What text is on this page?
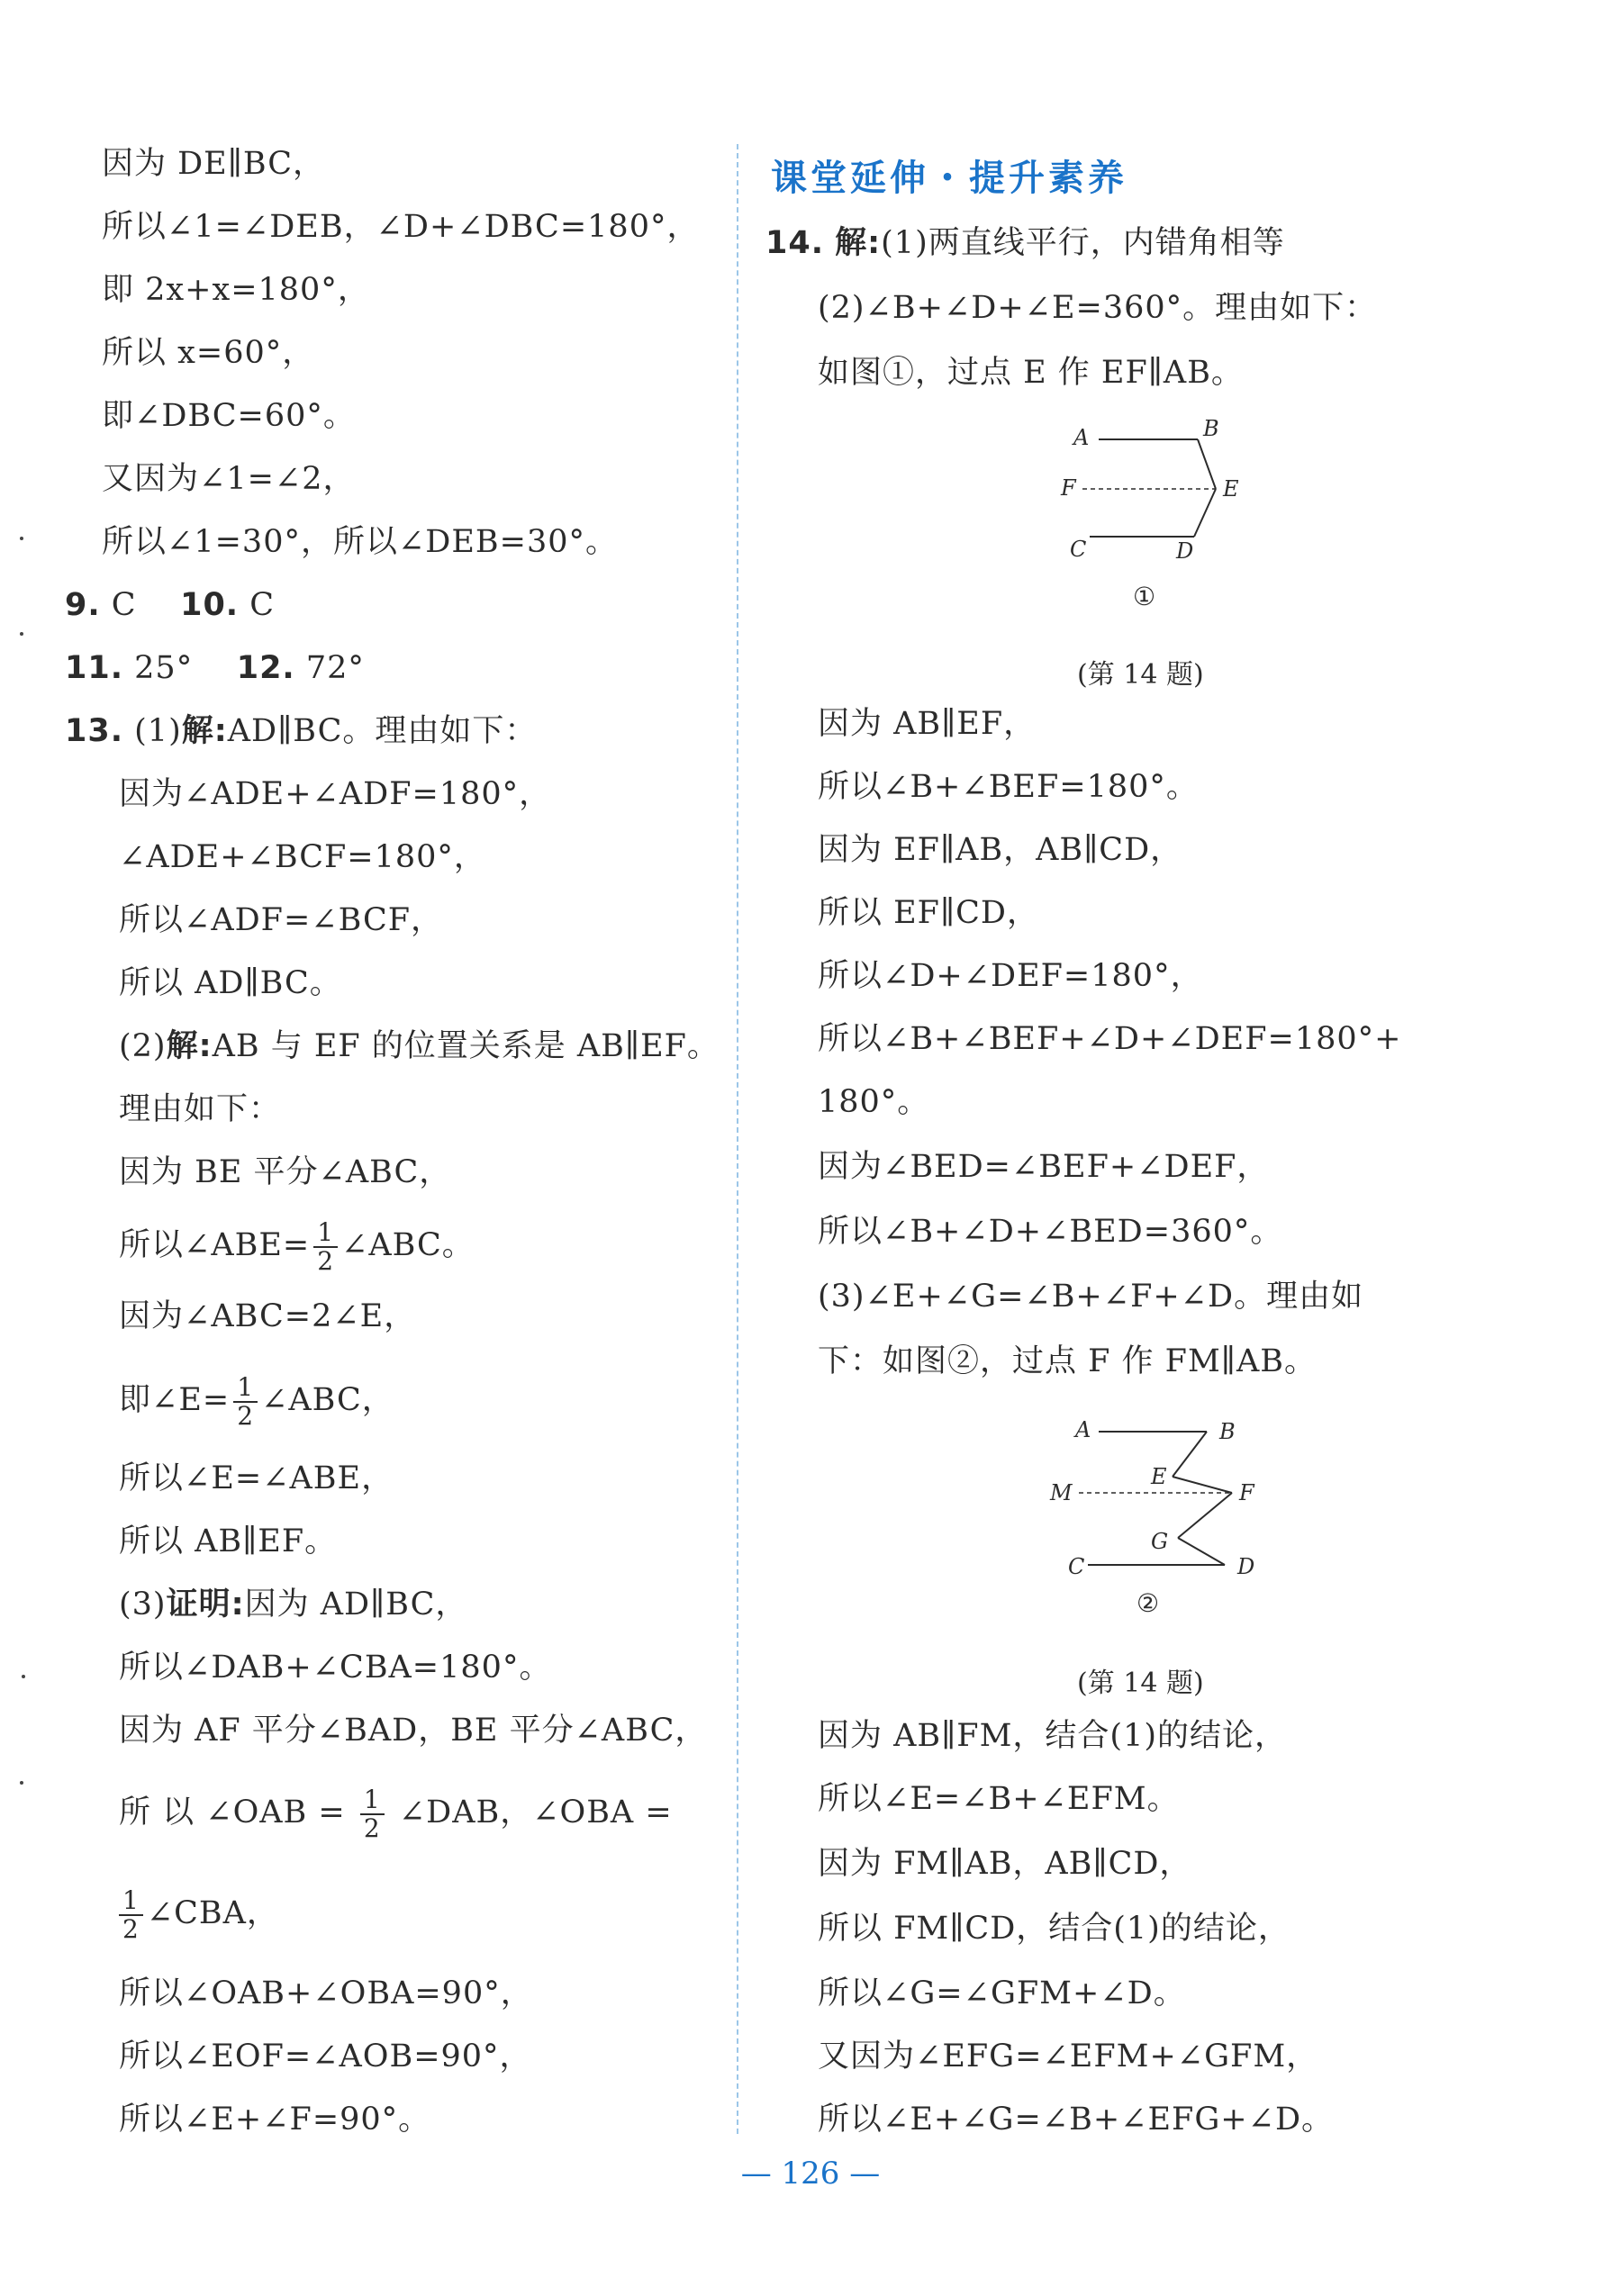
因为 DE∥BC，
所以∠1=∠DEB，∠D+∠DBC=180°，
即 2x+x=180°，
所以 x=60°，
即∠DBC=60°。
又因为∠1=∠2，
所以∠1=30°，所以∠DEB=30°。
9. C 10. C
11. 25° 12. 72°
13. (1)解:AD∥BC。理由如下：
因为∠ADE+∠ADF=180°，
∠ADE+∠BCF=180°，
所以∠ADF=∠BCF，
所以 AD∥BC。
(2)解:AB 与 EF 的位置关系是 AB∥EF。
理由如下：
因为 BE 平分∠ABC，
所以∠ABE= $\frac{1}{2}$ ∠ABC。
因为∠ABC=2∠E，
即∠E= $\frac{1}{2}$ ∠ABC，
所以∠E=∠ABE，
所以 AB∥EF。
(3)证明:因为 AD∥BC，
所以∠DAB+∠CBA=180°。
因为 AF 平分∠BAD，BE 平分∠ABC，
所 以 ∠OAB = $\frac{1}{2}$ ∠DAB，∠OBA =
$\frac{1}{2}$ ∠CBA，
所以∠OAB+∠OBA=90°，
所以∠EOF=∠AOB=90°，
所以∠E+∠F=90°。
课堂延伸・提升素养
14. 解:(1)两直线平行，内错角相等
(2)∠B+∠D+∠E=360°。理由如下：
如图①，过点 E 作 EF∥AB。
A	B
F	E
C	D
①
(第 14 题)
因为 AB∥EF，
所以∠B+∠BEF=180°。
因为 EF∥AB，AB∥CD，
所以 EF∥CD，
所以∠D+∠DEF=180°，
所以∠B+∠BEF+∠D+∠DEF=180°+
180°。
因为∠BED=∠BEF+∠DEF，
所以∠B+∠D+∠BED=360°。
(3)∠E+∠G=∠B+∠F+∠D。理由如
下：如图②，过点 F 作 FM∥AB。
A	B
M
E
F
G
C	D
②
(第 14 题)
因为 AB∥FM，结合(1)的结论，
所以∠E=∠B+∠EFM。
因为 FM∥AB，AB∥CD，
所以 FM∥CD，结合(1)的结论，
所以∠G=∠GFM+∠D。
又因为∠EFG=∠EFM+∠GFM，
所以∠E+∠G=∠B+∠EFG+∠D。
— 126 —
